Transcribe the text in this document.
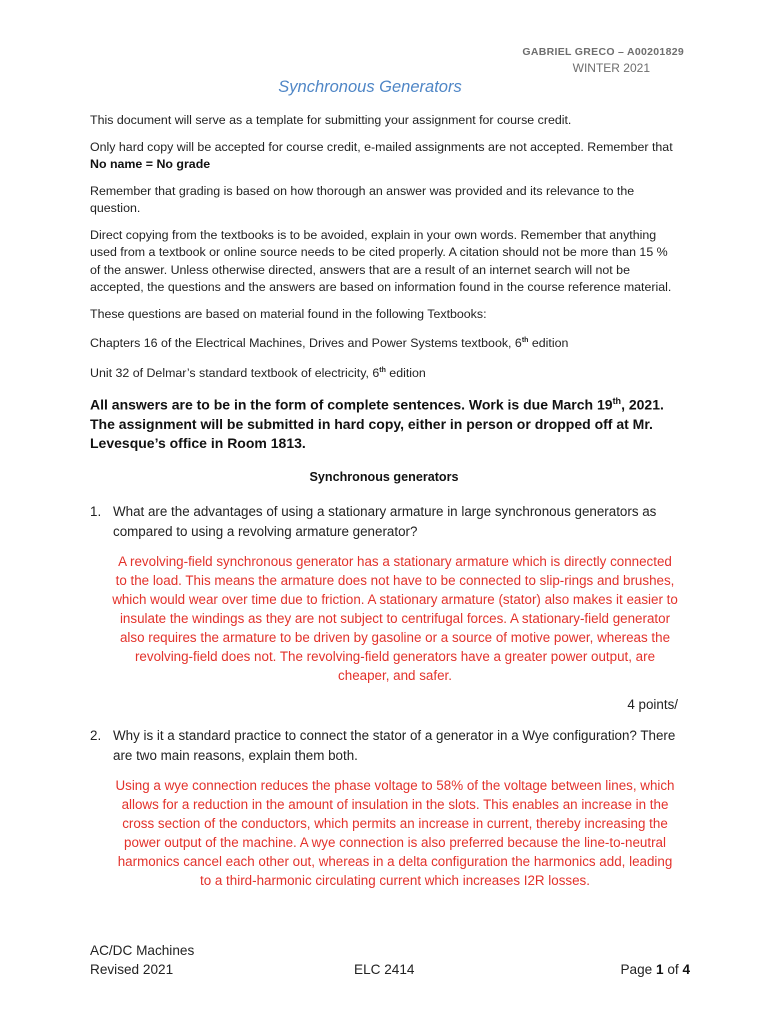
GABRIEL GRECO – A00201829
WINTER 2021
Synchronous Generators

This document will serve as a template for submitting your assignment for course credit.

Only hard copy will be accepted for course credit, e-mailed assignments are not accepted. Remember that No name = No grade

Remember that grading is based on how thorough an answer was provided and its relevance to the question.

Direct copying from the textbooks is to be avoided, explain in your own words. Remember that anything used from a textbook or online source needs to be cited properly. A citation should not be more than 15 % of the answer. Unless otherwise directed, answers that are a result of an internet search will not be accepted, the questions and the answers are based on information found in the course reference material.

These questions are based on material found in the following Textbooks:

Chapters 16 of the Electrical Machines, Drives and Power Systems textbook, 6th edition

Unit 32 of Delmar’s standard textbook of electricity, 6th edition

All answers are to be in the form of complete sentences. Work is due March 19th, 2021. The assignment will be submitted in hard copy, either in person or dropped off at Mr. Levesque’s office in Room 1813.

Synchronous generators

1. What are the advantages of using a stationary armature in large synchronous generators as compared to using a revolving armature generator?
A revolving-field synchronous generator has a stationary armature which is directly connected to the load. This means the armature does not have to be connected to slip-rings and brushes, which would wear over time due to friction. A stationary armature (stator) also makes it easier to insulate the windings as they are not subject to centrifugal forces. A stationary-field generator also requires the armature to be driven by gasoline or a source of motive power, whereas the revolving-field does not. The revolving-field generators have a greater power output, are cheaper, and safer.
4 points/
2. Why is it a standard practice to connect the stator of a generator in a Wye configuration? There are two main reasons, explain them both.
Using a wye connection reduces the phase voltage to 58% of the voltage between lines, which allows for a reduction in the amount of insulation in the slots. This enables an increase in the cross section of the conductors, which permits an increase in current, thereby increasing the power output of the machine. A wye connection is also preferred because the line-to-neutral harmonics cancel each other out, whereas in a delta configuration the harmonics add, leading to a third-harmonic circulating current which increases I2R losses.
AC/DC Machines
Revised 2021	ELC 2414	Page 1 of 4
